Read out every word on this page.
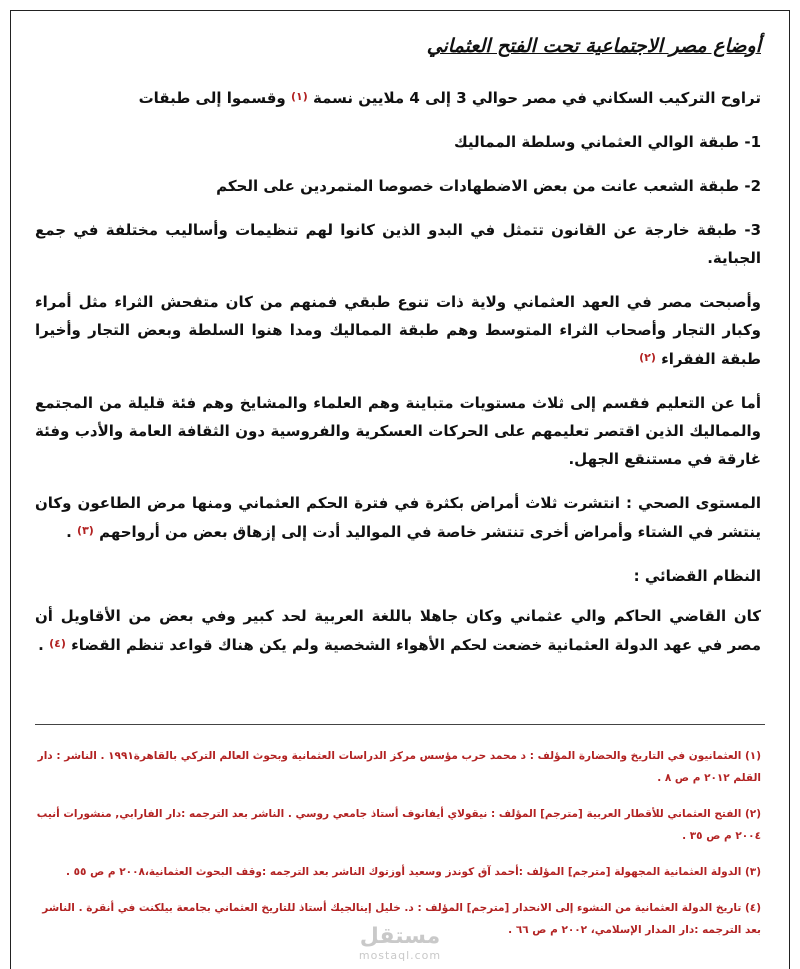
أوضاع مصر الاجتماعية تحت الفتح العثماني

تراوح التركيب السكاني في مصر حوالي 3 إلى 4 ملايين نسمة $^{(١)}$ وقسموا إلى طبقات

1- طبقة الوالي العثماني وسلطة المماليك

2- طبقة الشعب عانت من بعض الاضطهادات خصوصا المتمردين على الحكم

3- طبقة خارجة عن القانون تتمثل في البدو الذين كانوا لهم تنظيمات وأساليب مختلفة في جمع الجباية.

وأصبحت مصر في العهد العثماني ولاية ذات تنوع طبقي فمنهم من كان متفحش الثراء مثل أمراء وكبار التجار وأصحاب الثراء المتوسط وهم طبقة المماليك ومدا هنوا السلطة وبعض التجار وأخيرا طبقة الفقراء $^{(٢)}$

أما عن التعليم فقسم إلى ثلاث مستويات متباينة وهم العلماء والمشايخ وهم فئة قليلة من المجتمع والمماليك الذين اقتصر تعليمهم على الحركات العسكرية والفروسية دون الثقافة العامة والأدب وفئة غارقة في مستنقع الجهل.

المستوى الصحي : انتشرت ثلاث أمراض بكثرة في فترة الحكم العثماني ومنها مرض الطاعون وكان ينتشر في الشتاء وأمراض أخرى تنتشر خاصة في المواليد أدت إلى إزهاق بعض من أرواحهم $^{(٣)}$ .

النظام القضائي :

كان القاضي الحاكم والي عثماني وكان جاهلا باللغة العربية لحد كبير وفي بعض من الأقاويل أن مصر في عهد الدولة العثمانية خضعت لحكم الأهواء الشخصية ولم يكن هناك قواعد تنظم القضاء $^{(٤)}$ .

(١) العثمانيون في التاريخ والحضارة المؤلف : د محمد حرب مؤسس مركز الدراسات العثمانية وبحوث العالم التركي بالقاهرة١٩٩١ . الناشر : دار القلم ٢٠١٢ م ص ٨ .

(٢) الفتح العثماني للأقطار العربية [مترجم] المؤلف : نيقولاي أيفانوف أستاذ جامعي روسي . الناشر بعد الترجمه :دار الفارابي, منشورات أنيب ٢٠٠٤ م ص ٣٥ .

(٣) الدولة العثمانية المجهولة [مترجم] المؤلف :أحمد آق كوندز وسعيد أوزتوك الناشر بعد الترجمه :وقف البحوث العثمانية،٢٠٠٨ م ص ٥٥ .

(٤) تاريخ الدولة العثمانية من النشوء إلى الانحدار [مترجم] المؤلف : د. خليل إينالجيك أستاذ للتاريخ العثماني بجامعة بيلكنت في أنقرة . الناشر بعد الترجمه :دار المدار الإسلامي، ٢٠٠٢ م ص ٦٦ .

مستقل
mostaql.com
